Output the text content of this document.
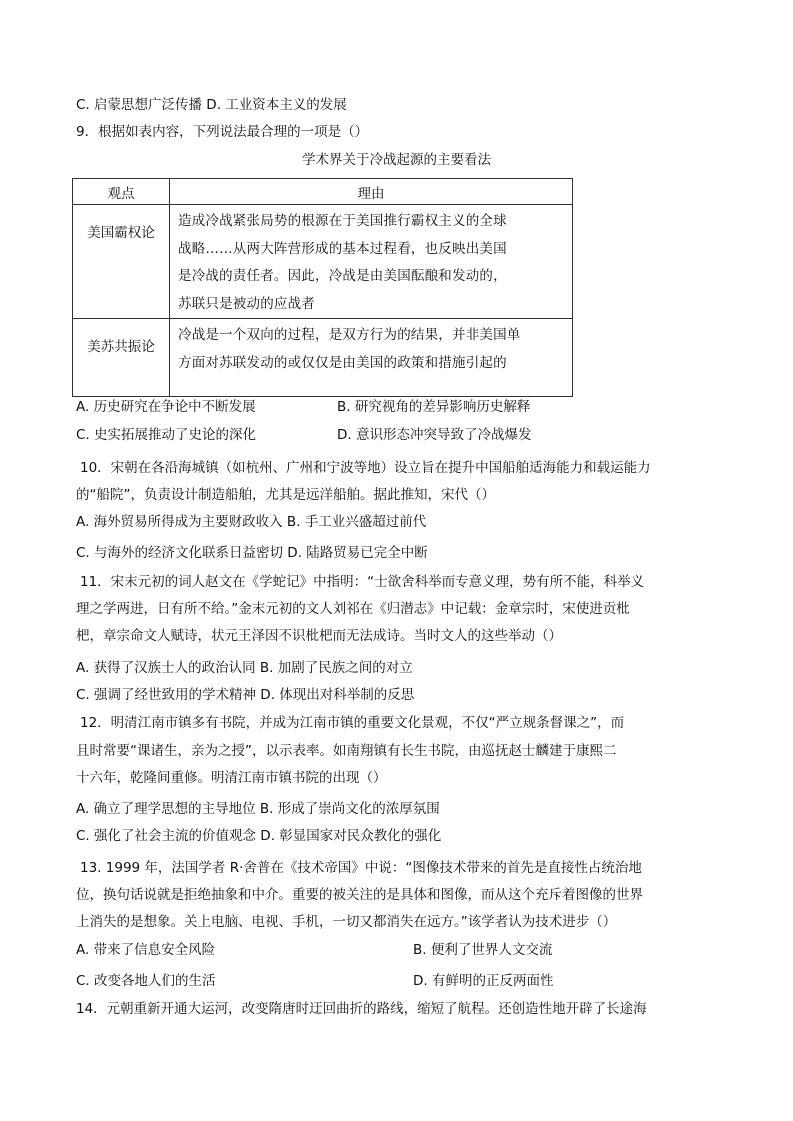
C. 启蒙思想广泛传播 D. 工业资本主义的发展
9．根据如表内容，下列说法最合理的一项是（）
学术界关于冷战起源的主要看法
观点	理由

美国霸权论	造成冷战紧张局势的根源在于美国推行霸权主义的全球战略……从两大阵营形成的基本过程看，也反映出美国是冷战的责任者。因此，冷战是由美国酝酿和发动的，苏联只是被动的应战者

美苏共振论	冷战是一个双向的过程，是双方行为的结果，并非美国单方面对苏联发动的或仅仅是由美国的政策和措施引起的
A. 历史研究在争论中不断发展	B. 研究视角的差异影响历史解释
C. 史实拓展推动了史论的深化	D. 意识形态冲突导致了冷战爆发
10．宋朝在各沿海城镇（如杭州、广州和宁波等地）设立旨在提升中国船舶适海能力和载运能力
的“船院”，负责设计制造船舶，尤其是远洋船舶。据此推知，宋代（）
A. 海外贸易所得成为主要财政收入 B. 手工业兴盛超过前代
C. 与海外的经济文化联系日益密切 D. 陆路贸易已完全中断
11．宋末元初的词人赵文在《学蛇记》中指明：“士欲舍科举而专意义理，势有所不能，科举义
理之学两进，日有所不给。”金末元初的文人刘祁在《归潜志》中记载：金章宗时，宋使进贡枇
杷，章宗命文人赋诗，状元王泽因不识枇杷而无法成诗。当时文人的这些举动（）
A. 获得了汉族士人的政治认同 B. 加剧了民族之间的对立
C. 强调了经世致用的学术精神 D. 体现出对科举制的反思
12．明清江南市镇多有书院，并成为江南市镇的重要文化景观，不仅“严立规条督课之”，而
且时常要“课诸生，亲为之授”，以示表率。如南翔镇有长生书院，由巡抚赵士麟建于康熙二
十六年，乾隆间重修。明清江南市镇书院的出现（）
A. 确立了理学思想的主导地位 B. 形成了崇尚文化的浓厚氛围
C. 强化了社会主流的价值观念 D. 彰显国家对民众教化的强化
13. 1999 年，法国学者 R·舍普在《技术帝国》中说：“图像技术带来的首先是直接性占统治地
位，换句话说就是拒绝抽象和中介。重要的被关注的是具体和图像，而从这个充斥着图像的世界
上消失的是想象。关上电脑、电视、手机，一切又都消失在远方。”该学者认为技术进步（）
A. 带来了信息安全风险	B. 便利了世界人文交流
C. 改变各地人们的生活	D. 有鲜明的正反两面性
14．元朝重新开通大运河，改变隋唐时迂回曲折的路线，缩短了航程。还创造性地开辟了长途海
